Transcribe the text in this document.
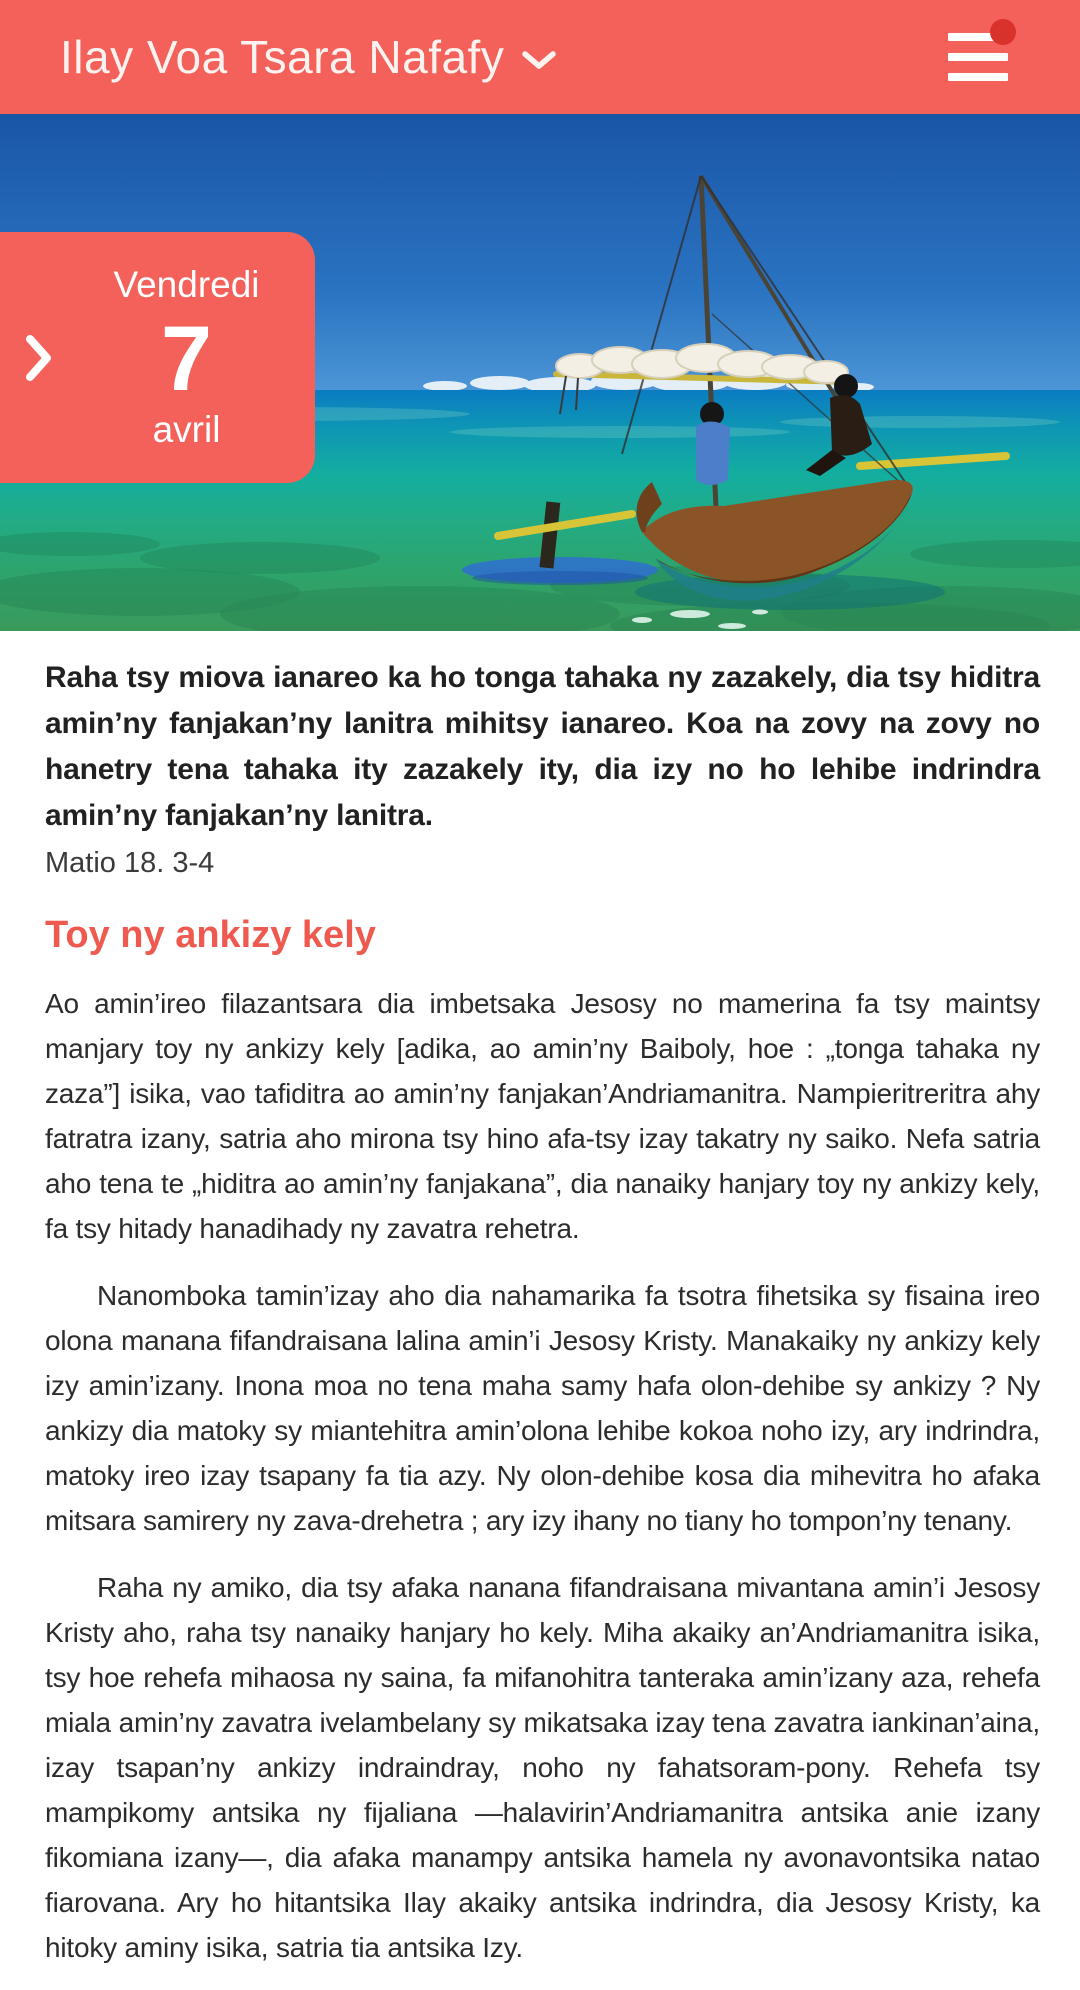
Ilay Voa Tsara Nafafy
Vendredi
7
avril

Raha tsy miova ianareo ka ho tonga tahaka ny zazakely, dia tsy hiditra amin’ny fanjakan’ny lanitra mihitsy ianareo. Koa na zovy na zovy no hanetry tena tahaka ity zazakely ity, dia izy no ho lehibe indrindra amin’ny fanjakan’ny lanitra.

Matio 18. 3-4

Toy ny ankizy kely

Ao amin’ireo filazantsara dia imbetsaka Jesosy no mamerina fa tsy maintsy manjary toy ny ankizy kely [adika, ao amin’ny Baiboly, hoe : „tonga tahaka ny zaza”] isika, vao tafiditra ao amin’ny fanjakan’Andriamanitra. Nampieritreritra ahy fatratra izany, satria aho mirona tsy hino afa-tsy izay takatry ny saiko. Nefa satria aho tena te „hiditra ao amin’ny fanjakana”, dia nanaiky hanjary toy ny ankizy kely, fa tsy hitady hanadihady ny zavatra rehetra.

Nanomboka tamin’izay aho dia nahamarika fa tsotra fihetsika sy fisaina ireo olona manana fifandraisana lalina amin’i Jesosy Kristy. Manakaiky ny ankizy kely izy amin’izany. Inona moa no tena maha samy hafa olon-dehibe sy ankizy ? Ny ankizy dia matoky sy miantehitra amin’olona lehibe kokoa noho izy, ary indrindra, matoky ireo izay tsapany fa tia azy. Ny olon-dehibe kosa dia mihevitra ho afaka mitsara samirery ny zava-drehetra ; ary izy ihany no tiany ho tompon’ny tenany.

Raha ny amiko, dia tsy afaka nanana fifandraisana mivantana amin’i Jesosy Kristy aho, raha tsy nanaiky hanjary ho kely. Miha akaiky an’Andriamanitra isika, tsy hoe rehefa mihaosa ny saina, fa mifanohitra tanteraka amin’izany aza, rehefa miala amin’ny zavatra ivelambelany sy mikatsaka izay tena zavatra iankinan’aina, izay tsapan’ny ankizy indraindray, noho ny fahatsoram-pony. Rehefa tsy mampikomy antsika ny fijaliana —halavirin’Andriamanitra antsika anie izany fikomiana izany—, dia afaka manampy antsika hamela ny avonavontsika natao fiarovana. Ary ho hitantsika Ilay akaiky antsika indrindra, dia Jesosy Kristy, ka hitoky aminy isika, satria tia antsika Izy.
